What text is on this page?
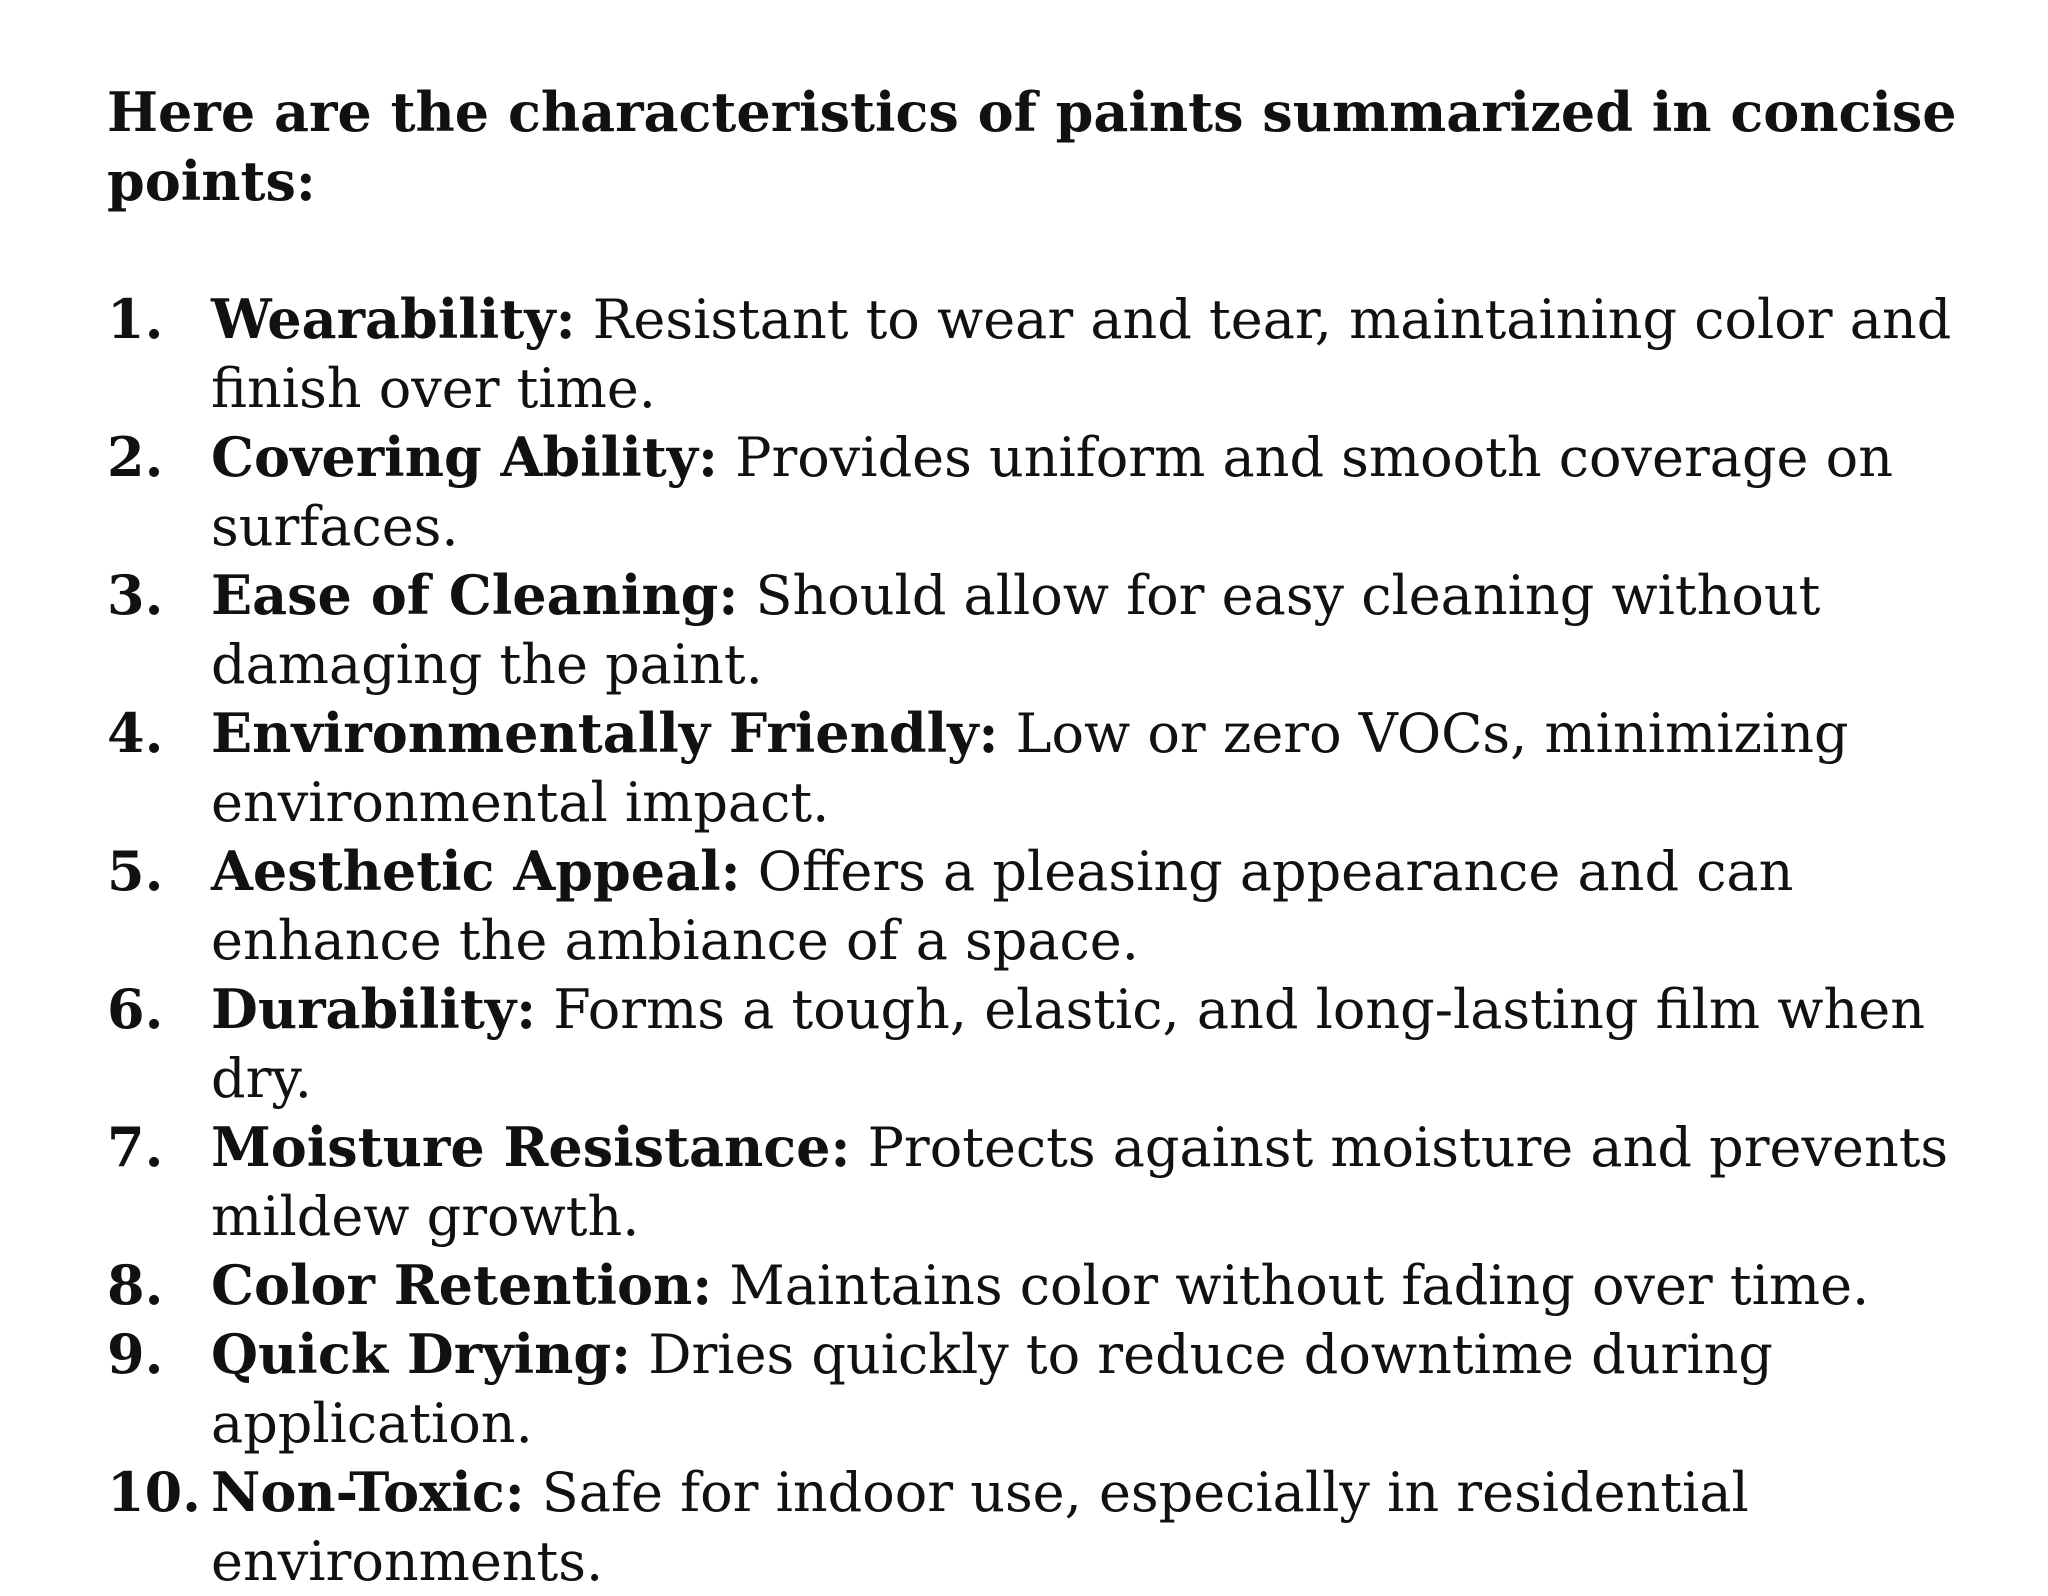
Here are the characteristics of paints summarized in concise points:

1. Wearability: Resistant to wear and tear, maintaining color and finish over time.
2. Covering Ability: Provides uniform and smooth coverage on surfaces.
3. Ease of Cleaning: Should allow for easy cleaning without damaging the paint.
4. Environmentally Friendly: Low or zero VOCs, minimizing environmental impact.
5. Aesthetic Appeal: Offers a pleasing appearance and can enhance the ambiance of a space.
6. Durability: Forms a tough, elastic, and long-lasting film when dry.
7. Moisture Resistance: Protects against moisture and prevents mildew growth.
8. Color Retention: Maintains color without fading over time.
9. Quick Drying: Dries quickly to reduce downtime during application.
10. Non-Toxic: Safe for indoor use, especially in residential environments.
